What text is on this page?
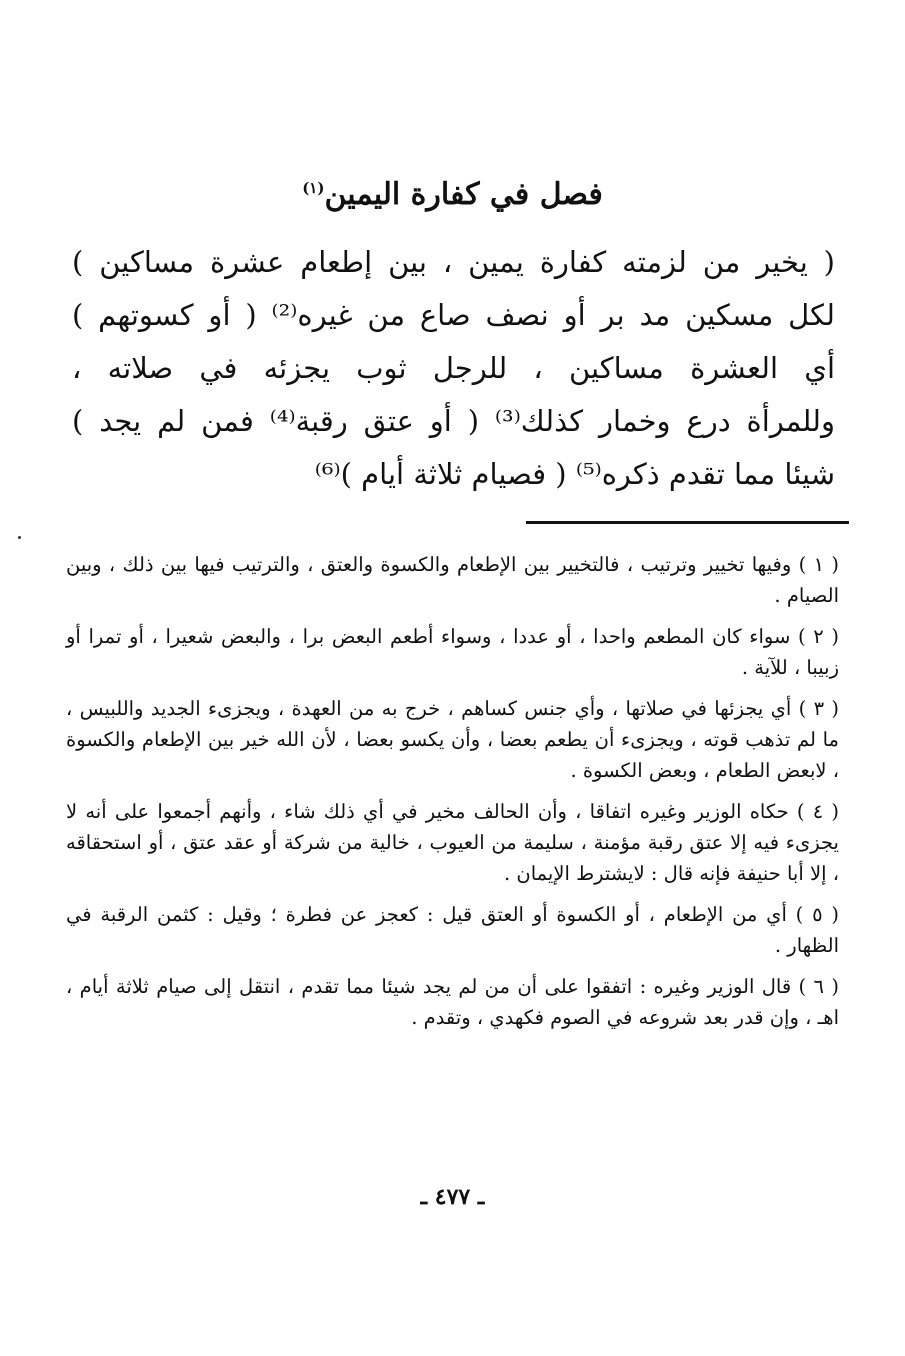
فصل في كفارة اليمين$^{(١)}$
( يخير من لزمته كفارة يمين ، بين إطعام عشرة مساكين )
لكل مسكين مد بر أو نصف صاع من غيره⁽²⁾ ( أو كسوتهم )
أي العشرة مساكين ، للرجل ثوب يجزئه في صلاته ،
وللمرأة درع وخمار كذلك⁽³⁾ ( أو عتق رقبة⁽⁴⁾ فمن لم يجد )
شيئا مما تقدم ذكره⁽⁵⁾ ( فصيام ثلاثة أيام )⁽⁶⁾

( ١ ) وفيها تخيير وترتيب ، فالتخيير بين الإطعام والكسوة والعتق ، والترتيب فيها بين ذلك ، وبين الصيام .

( ٢ ) سواء كان المطعم واحدا ، أو عددا ، وسواء أطعم البعض برا ، والبعض شعيرا ، أو تمرا أو زبيبا ، للآية .

( ٣ ) أي يجزئها في صلاتها ، وأي جنس كساهم ، خرج به من العهدة ، ويجزىء الجديد واللبيس ، ما لم تذهب قوته ، ويجزىء أن يطعم بعضا ، وأن يكسو بعضا ، لأن الله خير بين الإطعام والكسوة ، لابعض الطعام ، وبعض الكسوة .

( ٤ ) حكاه الوزير وغيره اتفاقا ، وأن الحالف مخير في أي ذلك شاء ، وأنهم أجمعوا على أنه لا يجزىء فيه إلا عتق رقبة مؤمنة ، سليمة من العيوب ، خالية من شركة أو عقد عتق ، أو استحقاقه ، إلا أبا حنيفة فإنه قال : لايشترط الإيمان .

( ٥ ) أي من الإطعام ، أو الكسوة أو العتق قيل : كعجز عن فطرة ؛ وقيل : كثمن الرقبة في الظهار .

( ٦ ) قال الوزير وغيره : اتفقوا على أن من لم يجد شيئا مما تقدم ، انتقل إلى صيام ثلاثة أيام ، اهـ ، وإن قدر بعد شروعه في الصوم فكهدي ، وتقدم .

ـ ٤٧٧ ـ
